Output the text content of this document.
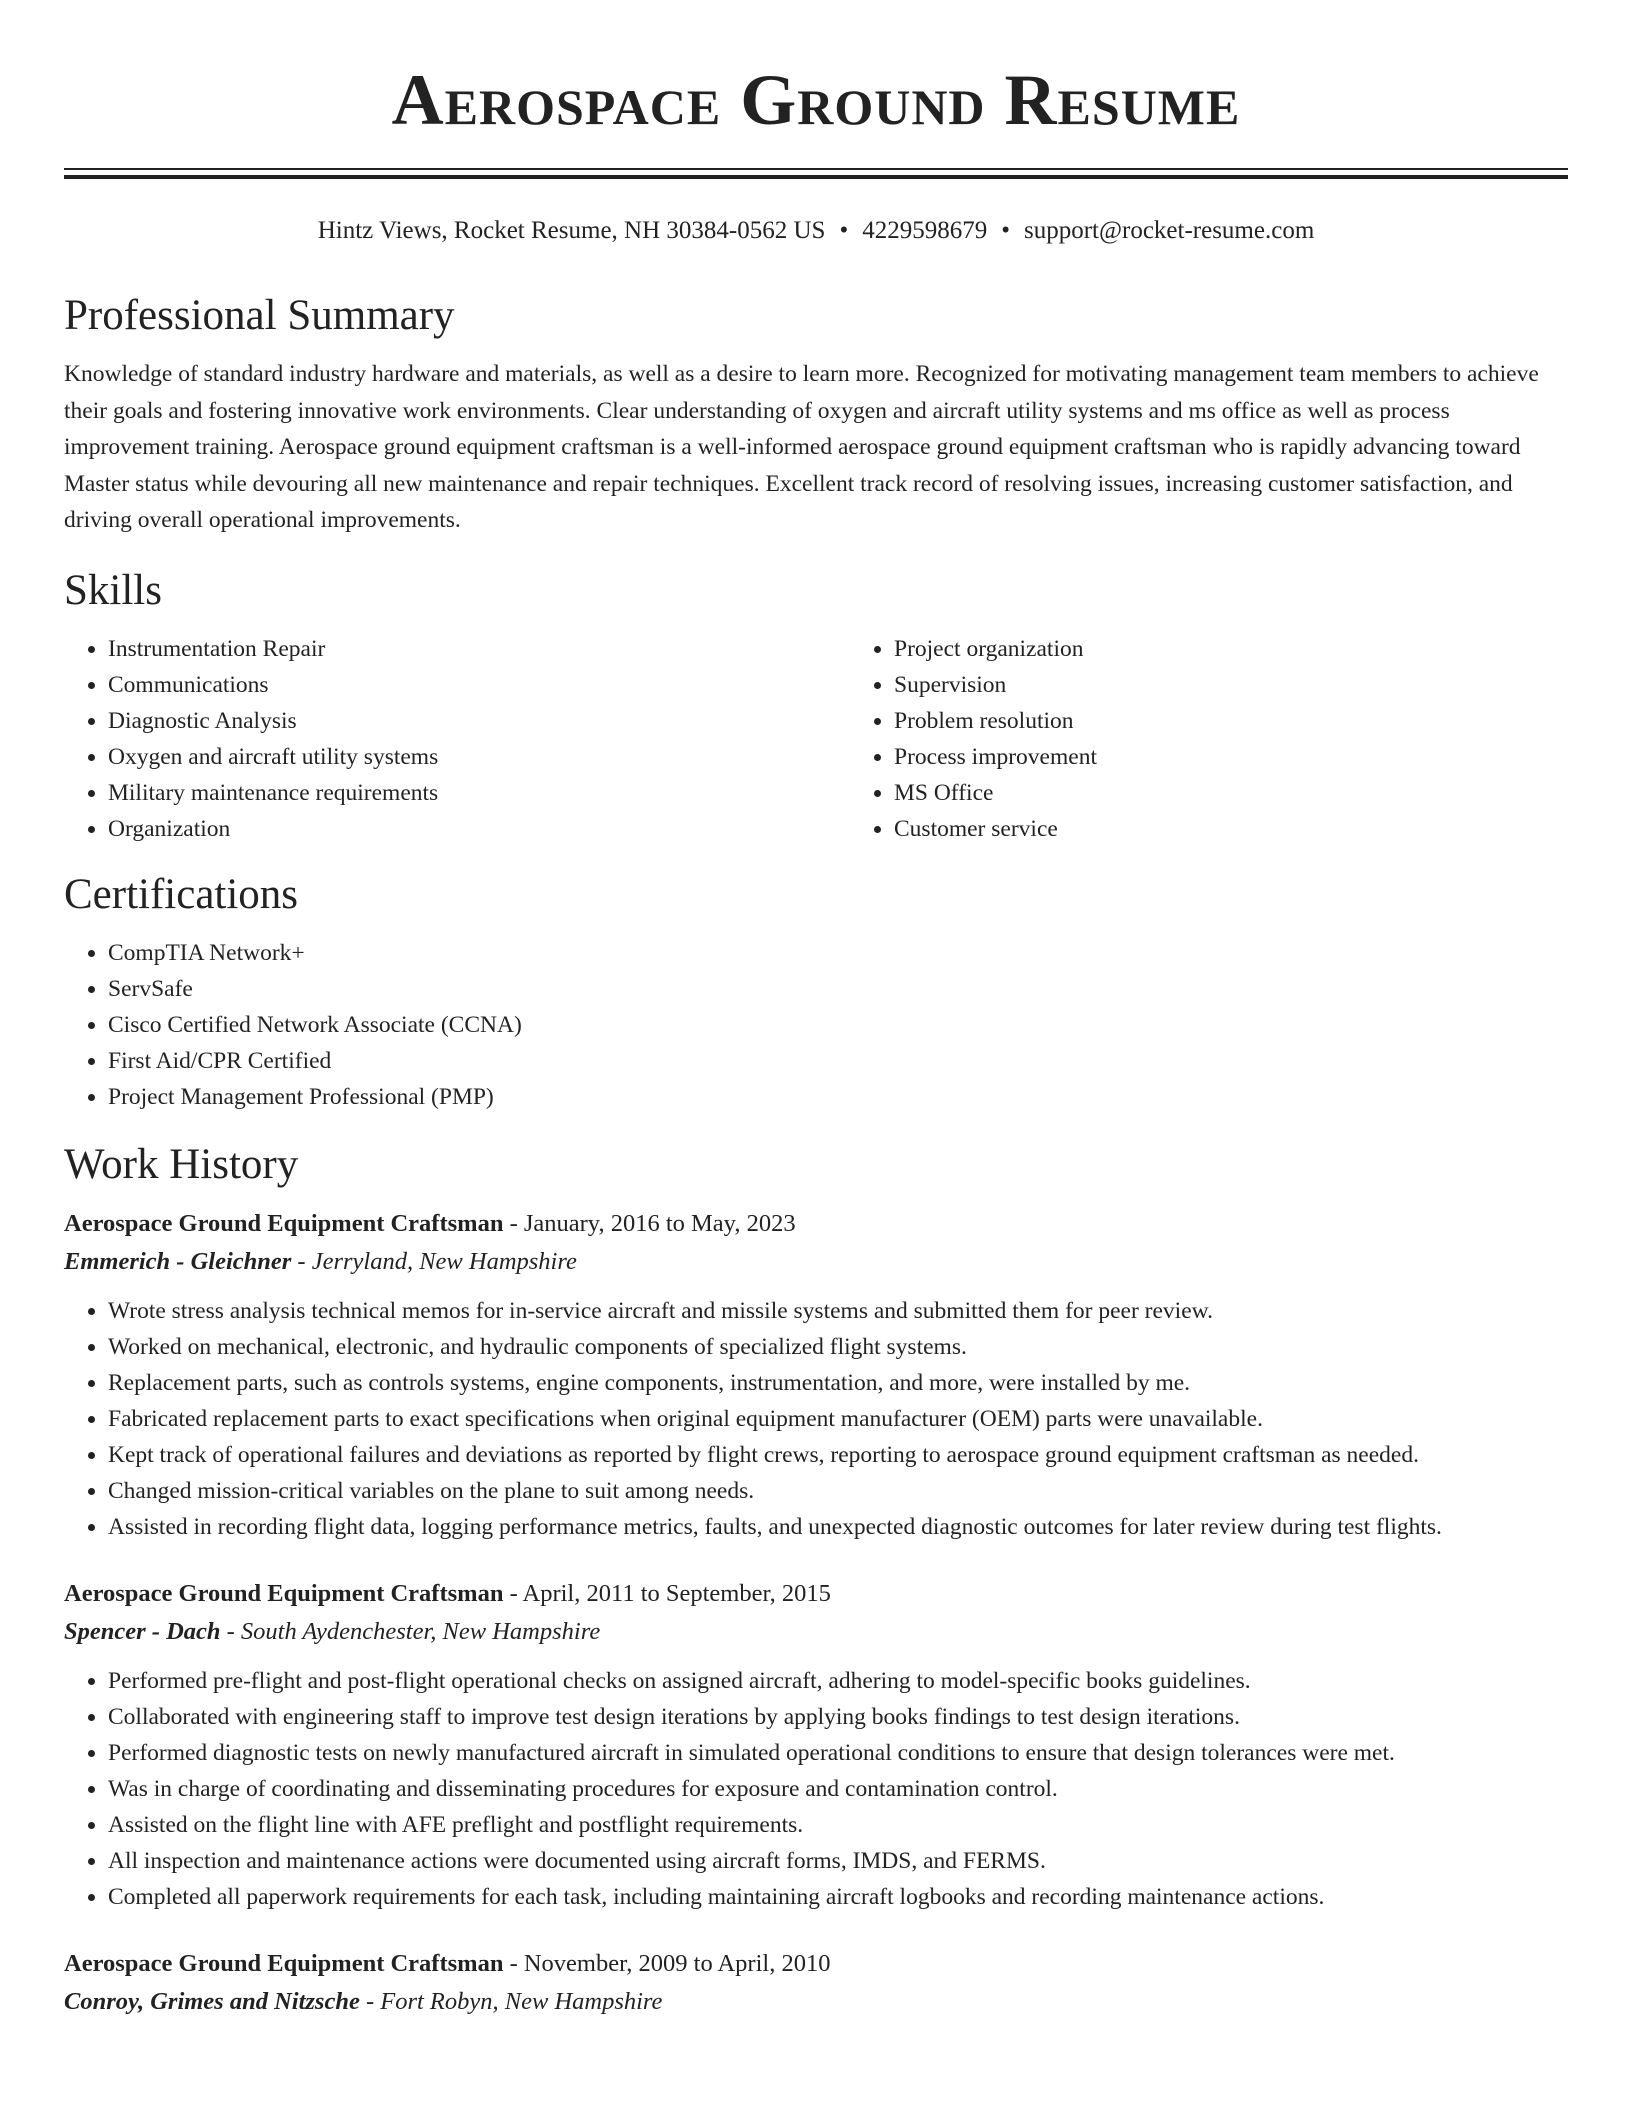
Aerospace Ground Resume
Hintz Views, Rocket Resume, NH 30384-0562 US • 4229598679 • support@rocket-resume.com
Professional Summary

Knowledge of standard industry hardware and materials, as well as a desire to learn more. Recognized for motivating management team members to achieve their goals and fostering innovative work environments. Clear understanding of oxygen and aircraft utility systems and ms office as well as process improvement training. Aerospace ground equipment craftsman is a well-informed aerospace ground equipment craftsman who is rapidly advancing toward Master status while devouring all new maintenance and repair techniques. Excellent track record of resolving issues, increasing customer satisfaction, and driving overall operational improvements.

Skills
• Instrumentation Repair
• Communications
• Diagnostic Analysis
• Oxygen and aircraft utility systems
• Military maintenance requirements
• Organization
• Project organization
• Supervision
• Problem resolution
• Process improvement
• MS Office
• Customer service
Certifications
• CompTIA Network+
• ServSafe
• Cisco Certified Network Associate (CCNA)
• First Aid/CPR Certified
• Project Management Professional (PMP)
Work History
Aerospace Ground Equipment Craftsman - January, 2016 to May, 2023
Emmerich - Gleichner - Jerryland, New Hampshire
• Wrote stress analysis technical memos for in-service aircraft and missile systems and submitted them for peer review.
• Worked on mechanical, electronic, and hydraulic components of specialized flight systems.
• Replacement parts, such as controls systems, engine components, instrumentation, and more, were installed by me.
• Fabricated replacement parts to exact specifications when original equipment manufacturer (OEM) parts were unavailable.
• Kept track of operational failures and deviations as reported by flight crews, reporting to aerospace ground equipment craftsman as needed.
• Changed mission-critical variables on the plane to suit among needs.
• Assisted in recording flight data, logging performance metrics, faults, and unexpected diagnostic outcomes for later review during test flights.
Aerospace Ground Equipment Craftsman - April, 2011 to September, 2015
Spencer - Dach - South Aydenchester, New Hampshire
• Performed pre-flight and post-flight operational checks on assigned aircraft, adhering to model-specific books guidelines.
• Collaborated with engineering staff to improve test design iterations by applying books findings to test design iterations.
• Performed diagnostic tests on newly manufactured aircraft in simulated operational conditions to ensure that design tolerances were met.
• Was in charge of coordinating and disseminating procedures for exposure and contamination control.
• Assisted on the flight line with AFE preflight and postflight requirements.
• All inspection and maintenance actions were documented using aircraft forms, IMDS, and FERMS.
• Completed all paperwork requirements for each task, including maintaining aircraft logbooks and recording maintenance actions.
Aerospace Ground Equipment Craftsman - November, 2009 to April, 2010
Conroy, Grimes and Nitzsche - Fort Robyn, New Hampshire
